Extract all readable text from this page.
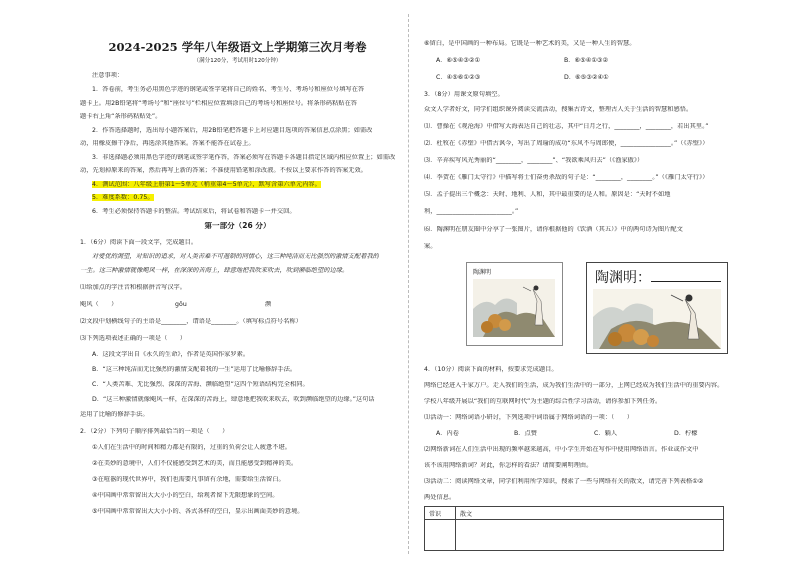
2024-2025 学年八年级语文上学期第三次月考卷
（满分120分，考试用时120分钟）
注意事项：
1．答卷前，考生务必用黑色字迹的钢笔或签字笔将自己的姓名、考生号、考场号和座位号填写在答
题卡上。用2B铅笔将“考场号”和“座位号”栏相应位置填涂自己的考场号和座位号。将条形码粘贴在答
题卡右上角“条形码粘贴处”。
2．作答选择题时，选出每小题答案后，用2B铅笔把答题卡上对应题目选项的答案信息点涂黑；如需改
动，用橡皮擦干净后，再选涂其他答案。答案不能答在试卷上。
3．非选择题必须用黑色字迹的钢笔或签字笔作答，答案必须写在答题卡各题目指定区域内相应位置上；如需改
动，先划掉原来的答案，然后再写上新的答案；不准使用铅笔和涂改液。不按以上要求作答的答案无效。
4．测试范围：八年级上册第1～5单元（稍重第4～5单元），默写含第六单元内容。
5．难度系数：0.75。
6．考生必须保持答题卡的整洁。考试结束后，将试卷和答题卡一并交回。
第一部分（26 分）
1．（6分）阅读下面一段文字，完成题目。
对爱优的渴望，对知识的追求，对人类苦难不可遏制的同情心，这三种纯洁而无比强烈的激情支配着我的
一生。这三种激情就像飓风一样，在深深的苦海上，肆意地把我吹来吹去，吹到濒临绝望的边缘。
⑴给加点的字注音和根据拼音写汉字。
飓风（　　）	gǒu	濒
⑵文段中划横线句子的主语是________，谓语是________。（填写标点符号名称）
⑶下列选项表述正确的一项是（　　）
A．这段文字出自《永久的生命》，作者是英国作家罗素。
B．“这三种纯洁而无比强烈的激情支配着我的一生”运用了比喻修辞手法。
C．“人类苦难、无比强烈、深深的苦海、濒临绝望”这四个短语结构完全相同。
D．“这三种激情就像飓风一样，在深深的苦海上，肆意地把我吹来吹去，吹到濒临绝望的边缘。”这句话
运用了比喻的修辞手法。
2．（2分）下列句子顺序排列最恰当的一项是（　　）
①人们在生活中的时间和精力都是有限的，过重的负荷会让人疲惫不堪。
②在美妙的意境中，人们不仅能感受到艺术的美，而且能感受到精神的美。
③在喧嚣的现代世界中，我们也需要凡事留有余地，需要给生活留白。
④中国画中常常留出大大小小的空白，给观者留下无限想象的空间。
⑤中国画中常常留出大大小小的、各式各样的空白，显示出画面美妙的意境。
⑥留白，是中国画的一种布局。它既是一种艺术的美，又是一种人生的智慧。
A．⑥⑤④③②①	B．⑥⑤④①③②
C．④⑤⑥①②③	D．⑥⑤③②④①
3．（8分）用课文原句填空。
众文人学者好文，同学们组织课外阅读交流活动，搜集古诗文，整理古人关于生活的智慧和感悟。
⑴．曹操在《观沧海》中借写大海表达自己的壮志，其中“日月之行，________，________，若出其里。”
⑵．杜牧在《赤壁》中借古讽今，写出了周瑜的成功“东风不与周郎便，________________。”（《赤壁》）
⑶．辛弃疾写风光秀丽的“________，________”、“我欲乘风归去”（《渔家傲》）
⑷．李贺在《雁门太守行》中描写将士们奋勇杀敌的句子是：“________，________。”（《雁门太守行》）
⑸．孟子提出三个概念：天时、地利、人和，其中最重要的是人和。原因是：“天时不如地
利，________________________。”
⑹．陶渊明在朋友圈中分享了一张图片，请你根据他的《饮酒（其五）》中的两句诗为图片配文
案。
陶渊明	陶渊明：
4．（10分）阅读下面的材料，按要求完成题目。
网络已经进入千家万户。走入我们的生活，成为我们生活中的一部分，上网已经成为我们生活中的重要内容。
学校八年级开展以“我们的互联网时代”为主题的综合性学习活动，请你参加下列任务。
⑴活动一：网络词语小研讨，下列选项中词语属于网络词语的一项：（　　）
A．内卷	B．点赞	C．躺人	D．柠檬
⑵网络新词在人们生活中出现的频率越来越高，中小学生开始在写作中使用网络语言。作业或作文中
该不该用网络新词？对此，你怎样的看法？请简要阐明理由。
⑶活动二：阅读网络文章，同学们利用所学知识，搜索了一些与网络有关的散文，请完善下列表格①②
两处信息。
常识	散文
